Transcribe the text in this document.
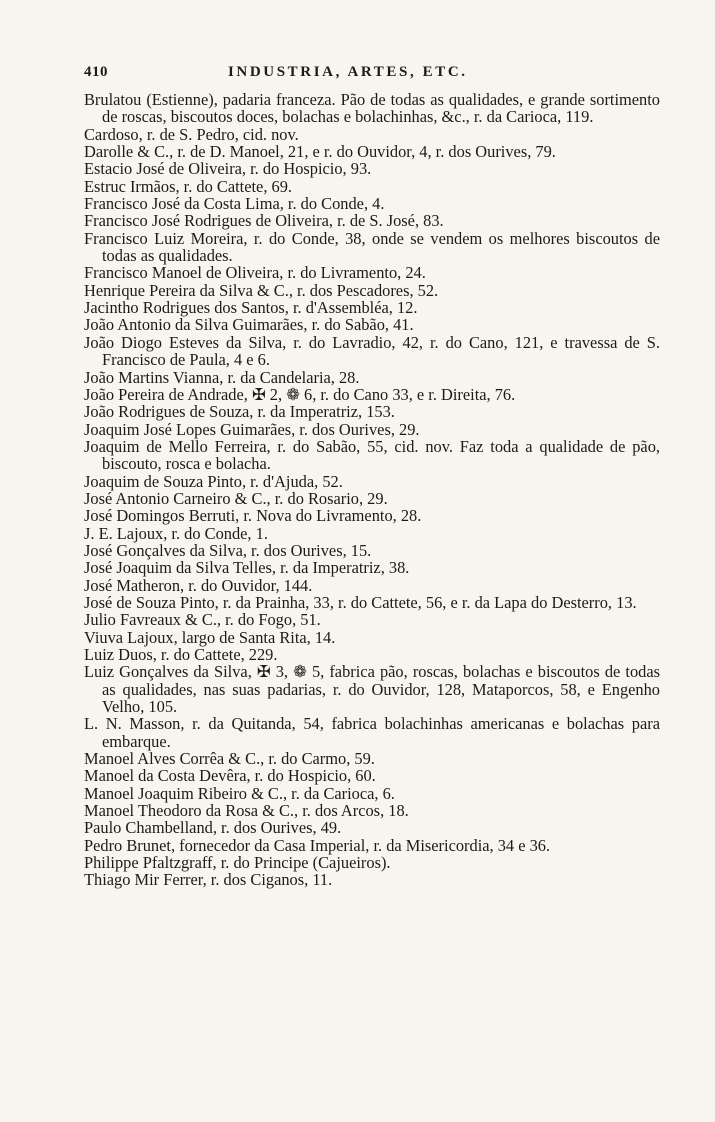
410	INDUSTRIA, ARTES, ETC.
Brulatou (Estienne), padaria franceza. Pão de todas as qualidades, e grande sortimento de roscas, biscoutos doces, bolachas e bolachinhas, &c., r. da Carioca, 119.
Cardoso, r. de S. Pedro, cid. nov.
Darolle & C., r. de D. Manoel, 21, e r. do Ouvidor, 4, r. dos Ourives, 79.
Estacio José de Oliveira, r. do Hospicio, 93.
Estruc Irmãos, r. do Cattete, 69.
Francisco José da Costa Lima, r. do Conde, 4.
Francisco José Rodrigues de Oliveira, r. de S. José, 83.
Francisco Luiz Moreira, r. do Conde, 38, onde se vendem os melhores biscoutos de todas as qualidades.
Francisco Manoel de Oliveira, r. do Livramento, 24.
Henrique Pereira da Silva & C., r. dos Pescadores, 52.
Jacintho Rodrigues dos Santos, r. d'Assembléa, 12.
João Antonio da Silva Guimarães, r. do Sabão, 41.
João Diogo Esteves da Silva, r. do Lavradio, 42, r. do Cano, 121, e travessa de S. Francisco de Paula, 4 e 6.
João Martins Vianna, r. da Candelaria, 28.
João Pereira de Andrade, ✠ 2, ❁ 6, r. do Cano 33, e r. Direita, 76.
João Rodrigues de Souza, r. da Imperatriz, 153.
Joaquim José Lopes Guimarães, r. dos Ourives, 29.
Joaquim de Mello Ferreira, r. do Sabão, 55, cid. nov. Faz toda a qualidade de pão, biscouto, rosca e bolacha.
Joaquim de Souza Pinto, r. d'Ajuda, 52.
José Antonio Carneiro & C., r. do Rosario, 29.
José Domingos Berruti, r. Nova do Livramento, 28.
J. E. Lajoux, r. do Conde, 1.
José Gonçalves da Silva, r. dos Ourives, 15.
José Joaquim da Silva Telles, r. da Imperatriz, 38.
José Matheron, r. do Ouvidor, 144.
José de Souza Pinto, r. da Prainha, 33, r. do Cattete, 56, e r. da Lapa do Desterro, 13.
Julio Favreaux & C., r. do Fogo, 51.
Viuva Lajoux, largo de Santa Rita, 14.
Luiz Duos, r. do Cattete, 229.
Luiz Gonçalves da Silva, ✠ 3, ❁ 5, fabrica pão, roscas, bolachas e biscoutos de todas as qualidades, nas suas padarias, r. do Ouvidor, 128, Mataporcos, 58, e Engenho Velho, 105.
L. N. Masson, r. da Quitanda, 54, fabrica bolachinhas americanas e bolachas para embarque.
Manoel Alves Corrêa & C., r. do Carmo, 59.
Manoel da Costa Devêra, r. do Hospicio, 60.
Manoel Joaquim Ribeiro & C., r. da Carioca, 6.
Manoel Theodoro da Rosa & C., r. dos Arcos, 18.
Paulo Chambelland, r. dos Ourives, 49.
Pedro Brunet, fornecedor da Casa Imperial, r. da Misericordia, 34 e 36.
Philippe Pfaltzgraff, r. do Principe (Cajueiros).
Thiago Mir Ferrer, r. dos Ciganos, 11.
